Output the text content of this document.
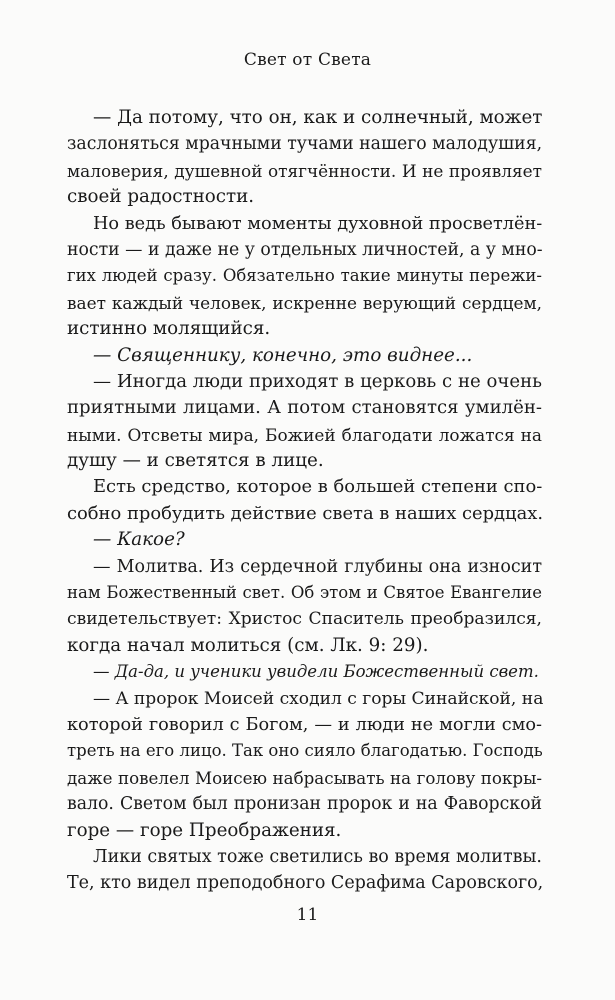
Свет от Света
— Да потому, что он, как и солнечный, может
заслоняться мрачными тучами нашего малодушия,
маловерия, душевной отягчённости. И не проявляет
своей радостности.
Но ведь бывают моменты духовной просветлён-
ности — и даже не у отдельных личностей, а у мно-
гих людей сразу. Обязательно такие минуты пережи-
вает каждый человек, искренне верующий сердцем,
истинно молящийся.
— Священнику, конечно, это виднее...
— Иногда люди приходят в церковь с не очень
приятными лицами. А потом становятся умилён-
ными. Отсветы мира, Божией благодати ложатся на
душу — и светятся в лице.
Есть средство, которое в большей степени спо-
собно пробудить действие света в наших сердцах.
— Какое?
— Молитва. Из сердечной глубины она износит
нам Божественный свет. Об этом и Святое Евангелие
свидетельствует: Христос Спаситель преобразился,
когда начал молиться (см. Лк. 9: 29).
— Да-да, и ученики увидели Божественный свет.
— А пророк Моисей сходил с горы Синайской, на
которой говорил с Богом, — и люди не могли смо-
треть на его лицо. Так оно сияло благодатью. Господь
даже повелел Моисею набрасывать на голову покры-
вало. Светом был пронизан пророк и на Фаворской
горе — горе Преображения.
Лики святых тоже светились во время молитвы.
Те, кто видел преподобного Серафима Саровского,
11
